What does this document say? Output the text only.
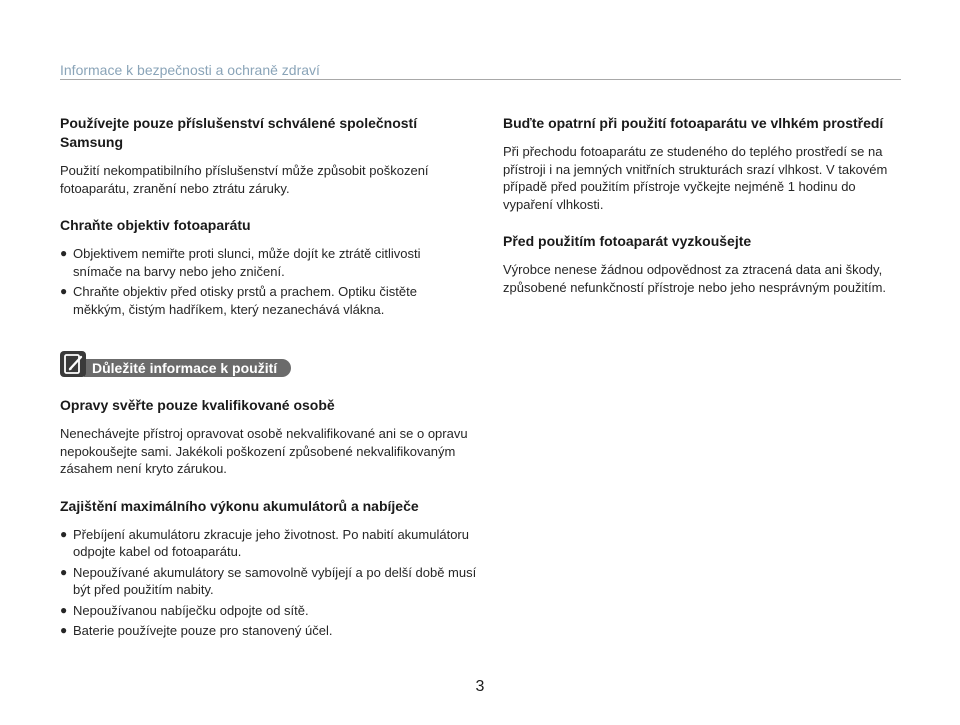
Informace k bezpečnosti a ochraně zdraví
Používejte pouze příslušenství schválené společností Samsung

Použití nekompatibilního příslušenství může způsobit poškození fotoaparátu, zranění nebo ztrátu záruky.

Chraňte objektiv fotoaparátu
● Objektivem nemiřte proti slunci, může dojít ke ztrátě citlivosti snímače na barvy nebo jeho zničení.
● Chraňte objektiv před otisky prstů a prachem. Optiku čistěte měkkým, čistým hadříkem, který nezanechává vlákna.
Buďte opatrní při použití fotoaparátu ve vlhkém prostředí

Při přechodu fotoaparátu ze studeného do teplého prostředí se na přístroji i na jemných vnitřních strukturách srazí vlhkost. V takovém případě před použitím přístroje vyčkejte nejméně 1 hodinu do vypaření vlhkosti.

Před použitím fotoaparát vyzkoušejte

Výrobce nenese žádnou odpovědnost za ztracená data ani škody, způsobené nefunkčností přístroje nebo jeho nesprávným použitím.

Důležité informace k použití
Opravy svěřte pouze kvalifikované osobě

Nenechávejte přístroj opravovat osobě nekvalifikované ani se o opravu nepokoušejte sami. Jakékoli poškození způsobené nekvalifikovaným zásahem není kryto zárukou.

Zajištění maximálního výkonu akumulátorů a nabíječe
● Přebíjení akumulátoru zkracuje jeho životnost. Po nabití akumulátoru odpojte kabel od fotoaparátu.
● Nepoužívané akumulátory se samovolně vybíjejí a po delší době musí být před použitím nabity.
● Nepoužívanou nabíječku odpojte od sítě.
● Baterie používejte pouze pro stanovený účel.
3
